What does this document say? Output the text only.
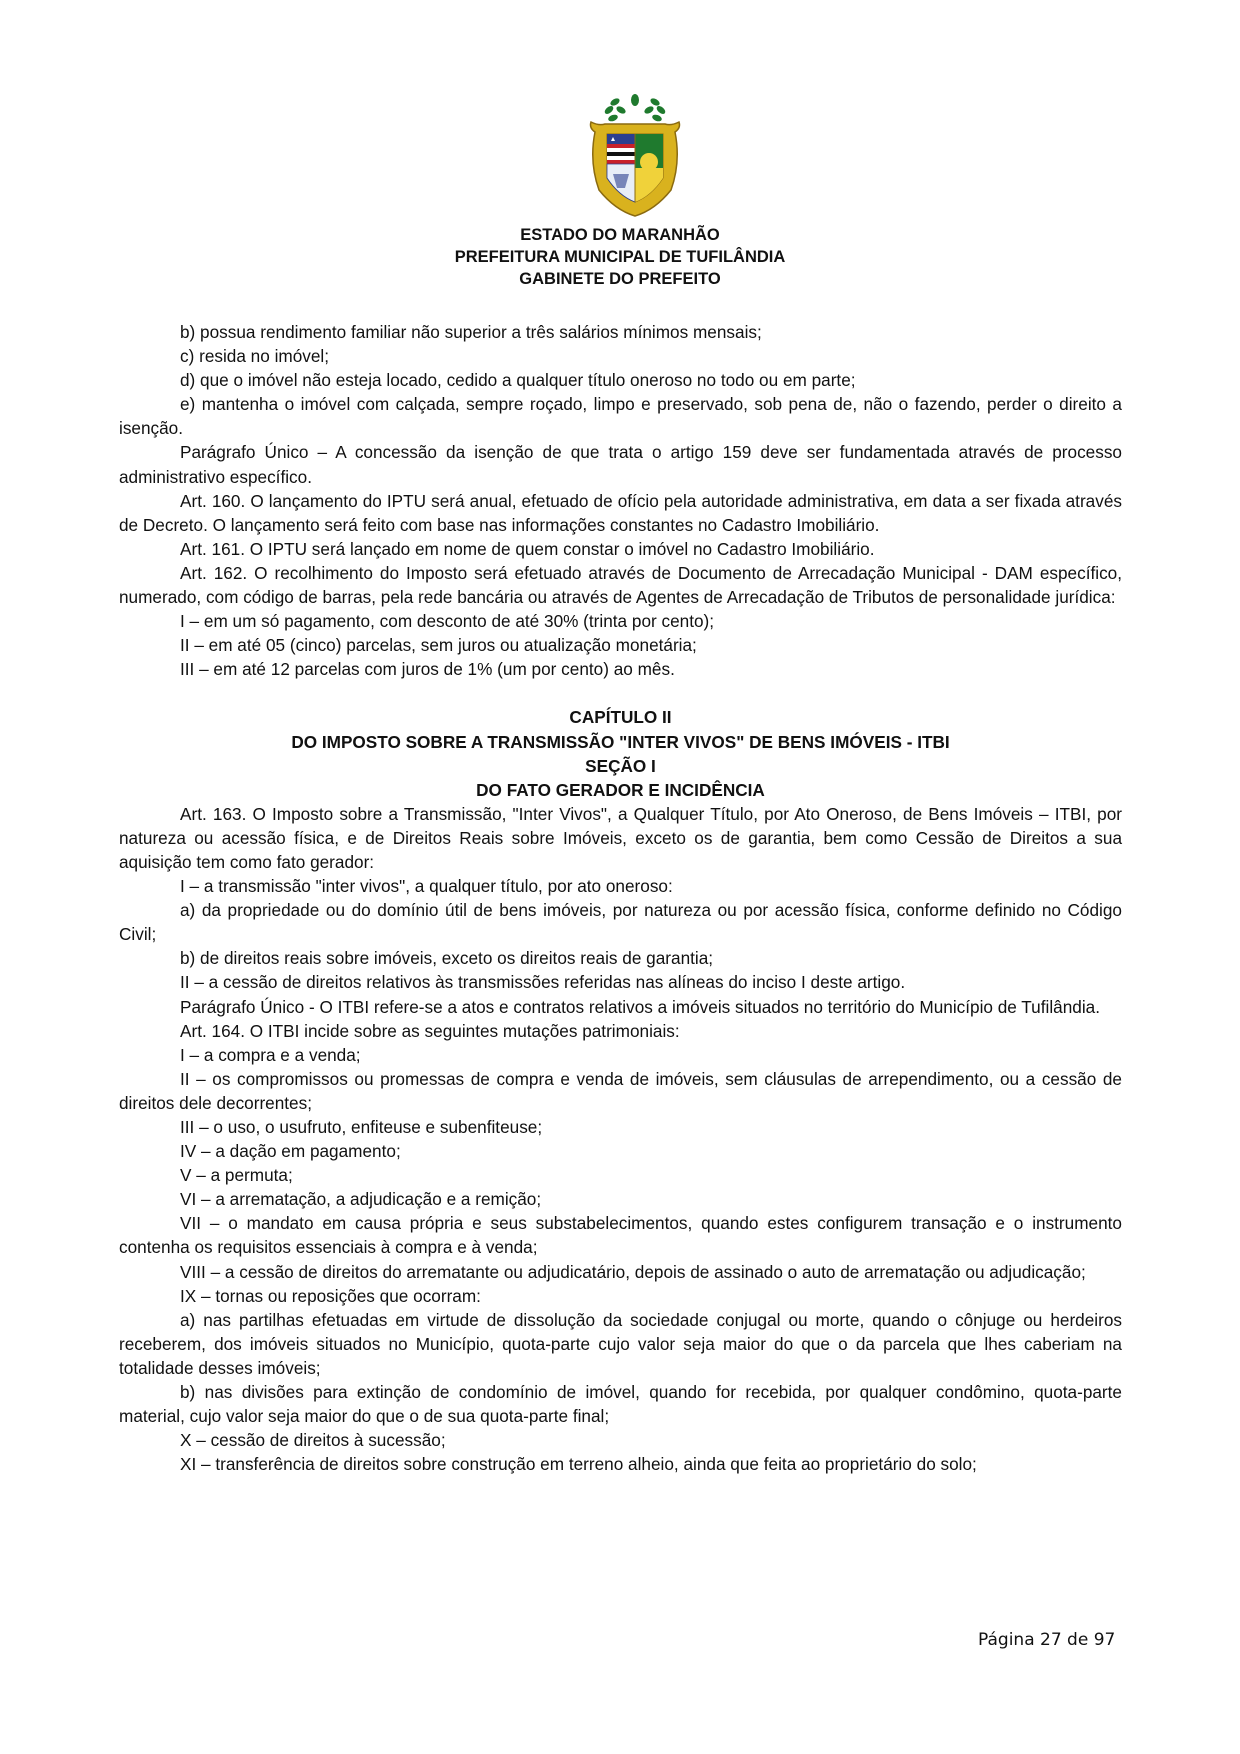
ESTADO DO MARANHÃO
PREFEITURA MUNICIPAL DE TUFILÂNDIA
GABINETE DO PREFEITO

b) possua rendimento familiar não superior a três salários mínimos mensais;

c) resida no imóvel;

d) que o imóvel não esteja locado, cedido a qualquer título oneroso no todo ou em parte;

e) mantenha o imóvel com calçada, sempre roçado, limpo e preservado, sob pena de, não o fazendo, perder o direito a isenção.

Parágrafo Único – A concessão da isenção de que trata o artigo 159 deve ser fundamentada através de processo administrativo específico.

Art. 160. O lançamento do IPTU será anual, efetuado de ofício pela autoridade administrativa, em data a ser fixada através de Decreto. O lançamento será feito com base nas informações constantes no Cadastro Imobiliário.

Art. 161. O IPTU será lançado em nome de quem constar o imóvel no Cadastro Imobiliário.

Art. 162. O recolhimento do Imposto será efetuado através de Documento de Arrecadação Municipal - DAM específico, numerado, com código de barras, pela rede bancária ou através de Agentes de Arrecadação de Tributos de personalidade jurídica:

I – em um só pagamento, com desconto de até 30% (trinta por cento);

II – em até 05 (cinco) parcelas, sem juros ou atualização monetária;

III – em até 12 parcelas com juros de 1% (um por cento) ao mês.

CAPÍTULO II

DO IMPOSTO SOBRE A TRANSMISSÃO "INTER VIVOS" DE BENS IMÓVEIS - ITBI

SEÇÃO I

DO FATO GERADOR E INCIDÊNCIA

Art. 163. O Imposto sobre a Transmissão, "Inter Vivos", a Qualquer Título, por Ato Oneroso, de Bens Imóveis – ITBI, por natureza ou acessão física, e de Direitos Reais sobre Imóveis, exceto os de garantia, bem como Cessão de Direitos a sua aquisição tem como fato gerador:

I – a transmissão "inter vivos", a qualquer título, por ato oneroso:

a) da propriedade ou do domínio útil de bens imóveis, por natureza ou por acessão física, conforme definido no Código Civil;

b) de direitos reais sobre imóveis, exceto os direitos reais de garantia;

II – a cessão de direitos relativos às transmissões referidas nas alíneas do inciso I deste artigo.

Parágrafo Único - O ITBI refere-se a atos e contratos relativos a imóveis situados no território do Município de Tufilândia.

Art. 164. O ITBI incide sobre as seguintes mutações patrimoniais:

I – a compra e a venda;

II – os compromissos ou promessas de compra e venda de imóveis, sem cláusulas de arrependimento, ou a cessão de direitos dele decorrentes;

III – o uso, o usufruto, enfiteuse e subenfiteuse;

IV – a dação em pagamento;

V – a permuta;

VI – a arrematação, a adjudicação e a remição;

VII – o mandato em causa própria e seus substabelecimentos, quando estes configurem transação e o instrumento contenha os requisitos essenciais à compra e à venda;

VIII – a cessão de direitos do arrematante ou adjudicatário, depois de assinado o auto de arrematação ou adjudicação;

IX – tornas ou reposições que ocorram:

a) nas partilhas efetuadas em virtude de dissolução da sociedade conjugal ou morte, quando o cônjuge ou herdeiros receberem, dos imóveis situados no Município, quota-parte cujo valor seja maior do que o da parcela que lhes caberiam na totalidade desses imóveis;

b) nas divisões para extinção de condomínio de imóvel, quando for recebida, por qualquer condômino, quota-parte material, cujo valor seja maior do que o de sua quota-parte final;

X – cessão de direitos à sucessão;

XI – transferência de direitos sobre construção em terreno alheio, ainda que feita ao proprietário do solo;

Página 27 de 97
